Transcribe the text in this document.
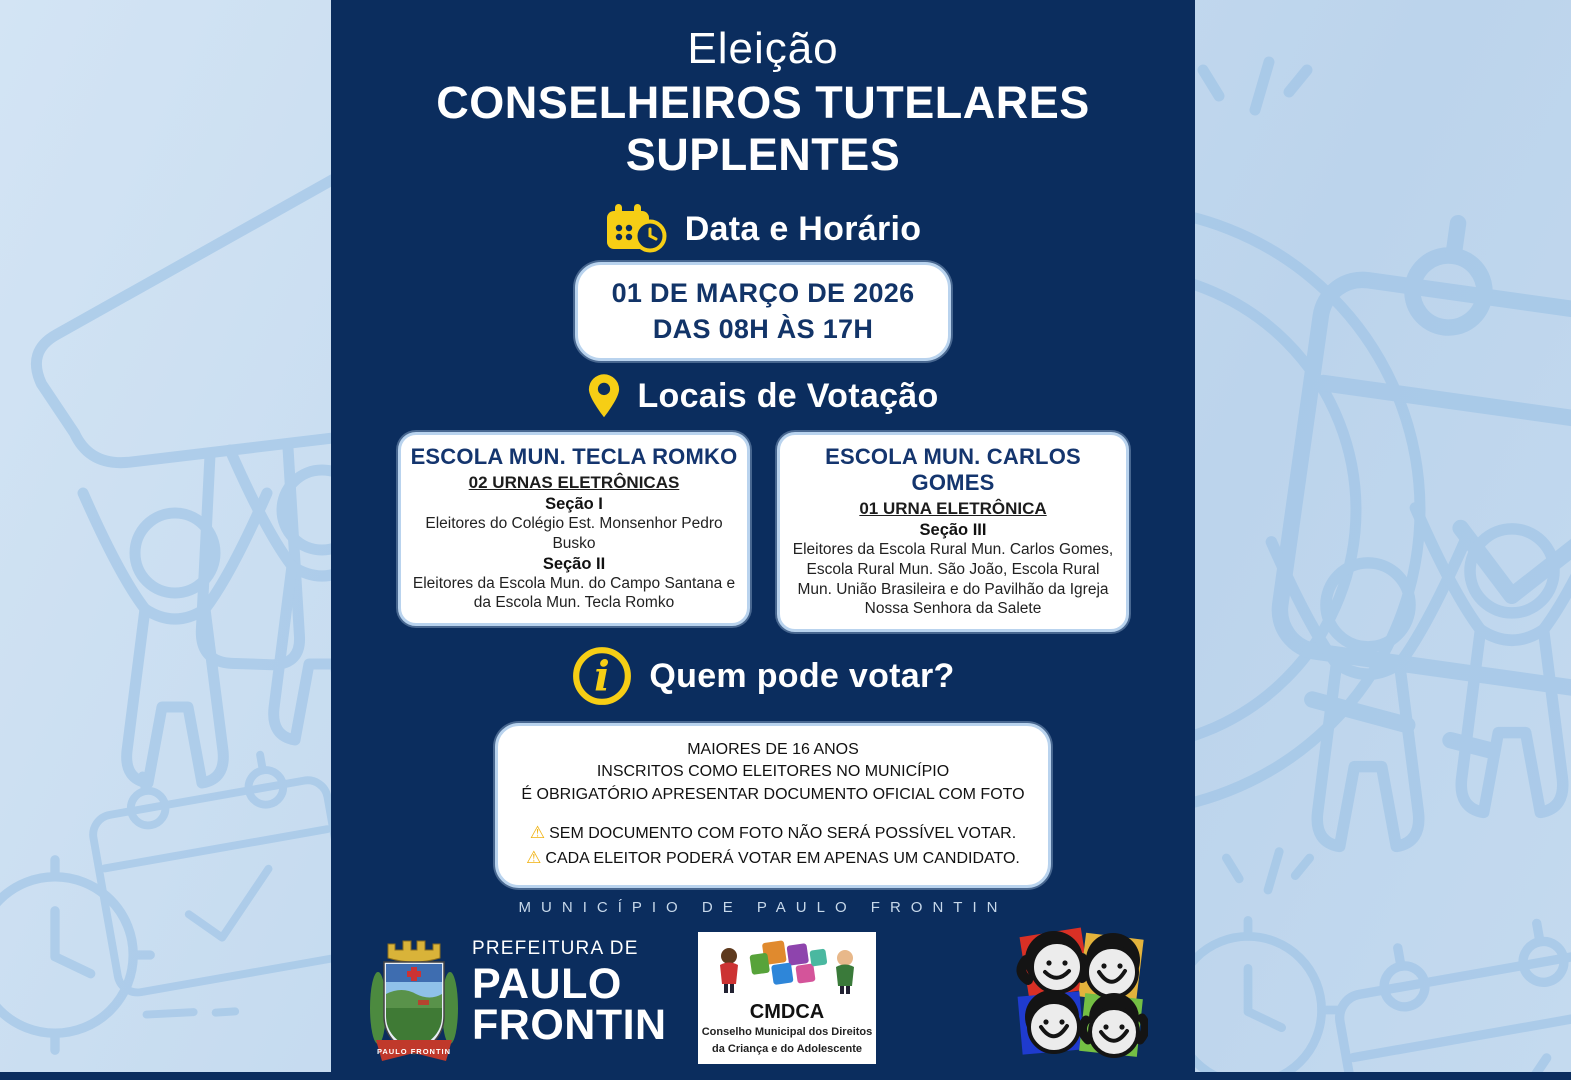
Eleição
CONSELHEIROS TUTELARES
SUPLENTES
Data e Horário
01 DE MARÇO DE 2026
DAS 08H ÀS 17H
Locais de Votação
ESCOLA MUN. TECLA ROMKO
02 URNAS ELETRÔNICAS
Seção I
Eleitores do Colégio Est. Monsenhor Pedro Busko
Seção II
Eleitores da Escola Mun. do Campo Santana e da Escola Mun. Tecla Romko
ESCOLA MUN. CARLOS GOMES
01 URNA ELETRÔNICA
Seção III
Eleitores da Escola Rural Mun. Carlos Gomes, Escola Rural Mun. São João, Escola Rural Mun. União Brasileira e do Pavilhão da Igreja Nossa Senhora da Salete
i Quem pode votar?
MAIORES DE 16 ANOS
INSCRITOS COMO ELEITORES NO MUNICÍPIO
É OBRIGATÓRIO APRESENTAR DOCUMENTO OFICIAL COM FOTO
⚠ SEM DOCUMENTO COM FOTO NÃO SERÁ POSSÍVEL VOTAR.
⚠ CADA ELEITOR PODERÁ VOTAR EM APENAS UM CANDIDATO.
MUNICÍPIO DE PAULO FRONTIN
PAULO FRONTIN
PREFEITURA DE
PAULO
FRONTIN	CMDCA
Conselho Municipal dos Direitos
da Criança e do Adolescente
